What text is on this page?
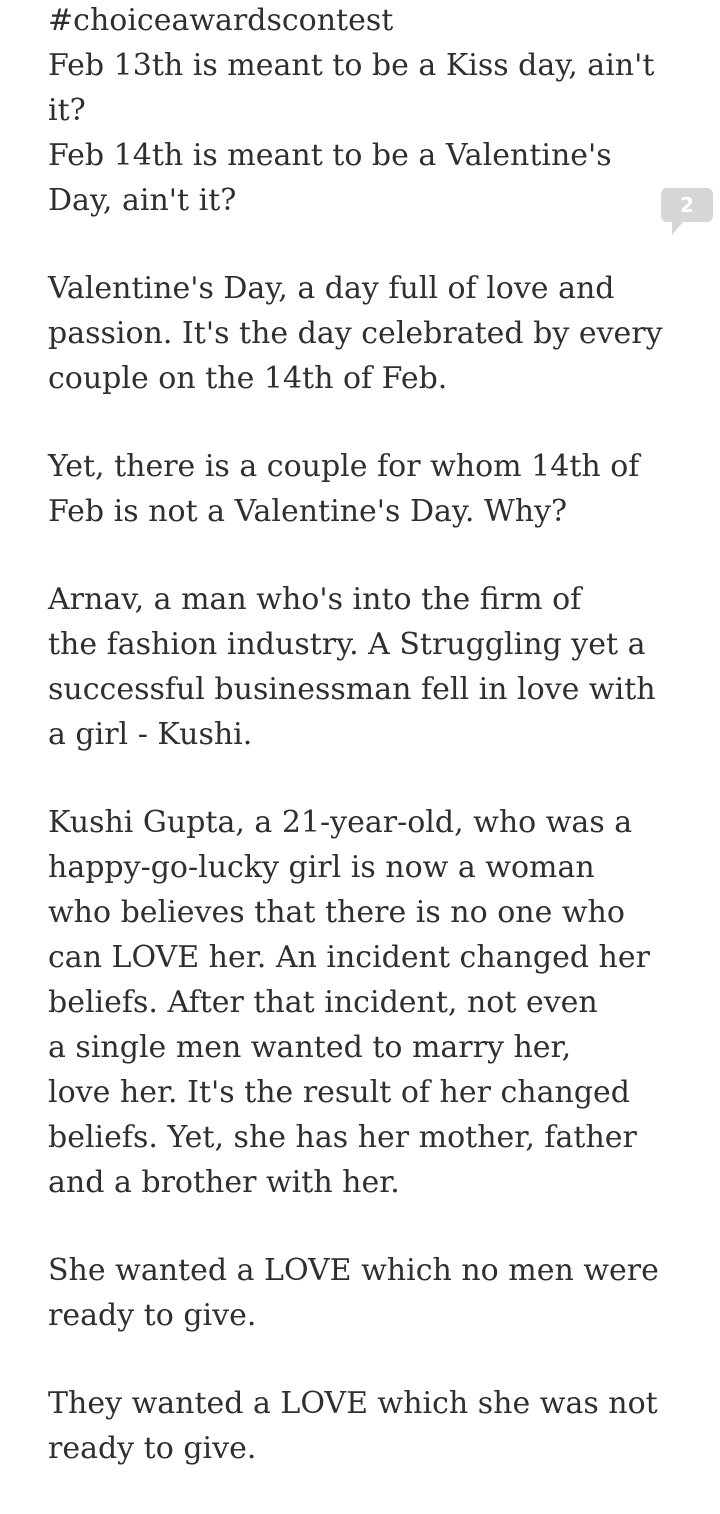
#choiceawardscontest
Feb 13th is meant to be a Kiss day, ain't
it?
Feb 14th is meant to be a Valentine's
Day, ain't it?

Valentine's Day, a day full of love and
passion. It's the day celebrated by every
couple on the 14th of Feb.

Yet, there is a couple for whom 14th of
Feb is not a Valentine's Day. Why?

Arnav, a man who's into the firm of
the fashion industry. A Struggling yet a
successful businessman fell in love with
a girl - Kushi.

Kushi Gupta, a 21-year-old, who was a
happy-go-lucky girl is now a woman
who believes that there is no one who
can LOVE her. An incident changed her
beliefs. After that incident, not even
a single men wanted to marry her,
love her. It's the result of her changed
beliefs. Yet, she has her mother, father
and a brother with her.

She wanted a LOVE which no men were
ready to give.

They wanted a LOVE which she was not
ready to give.

2
